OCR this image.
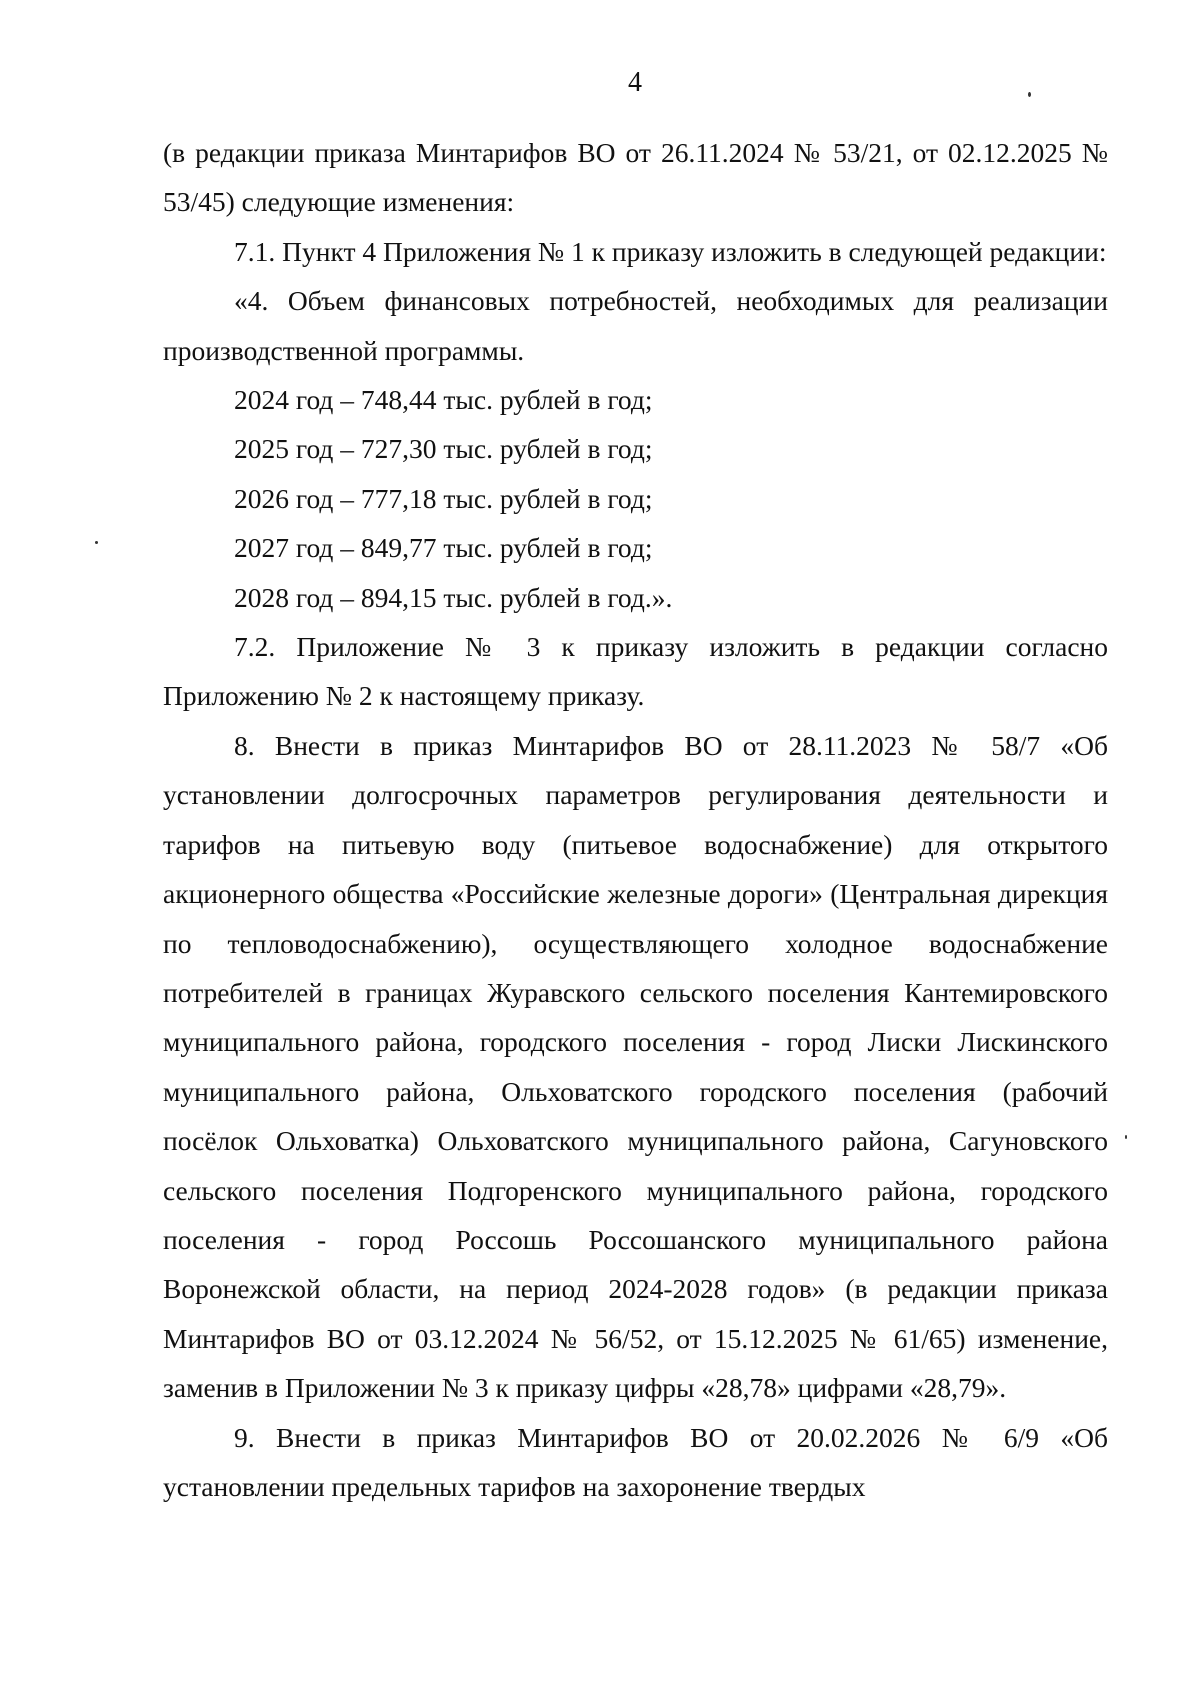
4

(в редакции приказа Минтарифов ВО от 26.11.2024 № 53/21, от 02.12.2025 № 53/45) следующие изменения:

7.1. Пункт 4 Приложения № 1 к приказу изложить в следующей редакции:

«4. Объем финансовых потребностей, необходимых для реализации производственной программы.

2024 год – 748,44 тыс. рублей в год;

2025 год – 727,30 тыс. рублей в год;

2026 год – 777,18 тыс. рублей в год;

2027 год – 849,77 тыс. рублей в год;

2028 год – 894,15 тыс. рублей в год.».

7.2. Приложение № 3 к приказу изложить в редакции согласно Приложению № 2 к настоящему приказу.

8. Внести в приказ Минтарифов ВО от 28.11.2023 № 58/7 «Об установлении долгосрочных параметров регулирования деятельности и тарифов на питьевую воду (питьевое водоснабжение) для открытого акционерного общества «Российские железные дороги» (Центральная дирекция по тепловодоснабжению), осуществляющего холодное водоснабжение потребителей в границах Журавского сельского поселения Кантемировского муниципального района, городского поселения - город Лиски Лискинского муниципального района, Ольховатского городского поселения (рабочий посёлок Ольховатка) Ольховатского муниципального района, Сагуновского сельского поселения Подгоренского муниципального района, городского поселения - город Россошь Россошанского муниципального района Воронежской области, на период 2024-2028 годов» (в редакции приказа Минтарифов ВО от 03.12.2024 № 56/52, от 15.12.2025 № 61/65) изменение, заменив в Приложении № 3 к приказу цифры «28,78» цифрами «28,79».

9. Внести в приказ Минтарифов ВО от 20.02.2026 № 6/9 «Об установлении предельных тарифов на захоронение твердых
